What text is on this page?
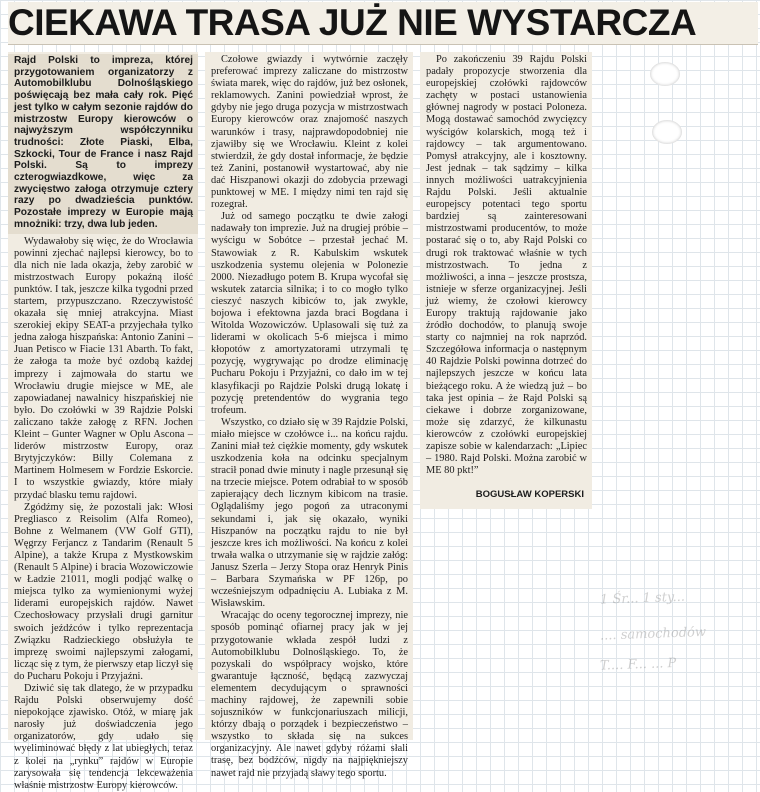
CIEKAWA TRASA JUŻ NIE WYSTARCZA
Rajd Polski to impreza, której przygotowaniem organizatorzy z Automobilklubu Dolnośląskiego poświęcają bez mała cały rok. Pięć jest tylko w całym sezonie rajdów do mistrzostw Europy kierowców o najwyższym współczynniku trudności: Złote Piaski, Elba, Szkocki, Tour de France i nasz Rajd Polski. Są to imprezy czterogwiazdkowe, więc za zwycięstwo załoga otrzymuje cztery razy po dwadzieścia punktów. Pozostałe imprezy w Europie mają mnożniki: trzy, dwa lub jeden.

Wydawałoby się więc, że do Wrocławia powinni zjechać najlepsi kierowcy, bo to dla nich nie lada okazja, żeby zarobić w mistrzostwach Europy pokaźną ilość punktów. I tak, jeszcze kilka tygodni przed startem, przypuszczano. Rzeczywistość okazała się mniej atrakcyjna. Miast szerokiej ekipy SEAT-a przyjechała tylko jedna załoga hiszpańska: Antonio Zanini – Juan Petisco w Fiacie 131 Abarth. To fakt, że załoga ta może być ozdobą każdej imprezy i zajmowała do startu we Wrocławiu drugie miejsce w ME, ale zapowiadanej nawalnicy hiszpańskiej nie było. Do czołówki w 39 Rajdzie Polski zaliczano także załogę z RFN. Jochen Kleint – Gunter Wagner w Oplu Ascona – liderów mistrzostw Europy, oraz Brytyjczyków: Billy Colemana z Martinem Holmesem w Fordzie Eskorcie. I to wszystkie gwiazdy, które miały przydać blasku temu rajdowi.

Zgódźmy się, że pozostali jak: Włosi Pregliasco z Reisolim (Alfa Romeo), Bohne z Welmanem (VW Golf GTI), Węgrzy Ferjancz z Tandarim (Renault 5 Alpine), a także Krupa z Mystkowskim (Renault 5 Alpine) i bracia Wozowiczowie w Ładzie 21011, mogli podjąć walkę o miejsca tylko za wymienionymi wyżej liderami europejskich rajdów. Nawet Czechosłowacy przysłali drugi garnitur swoich jeźdźców i tylko reprezentacja Związku Radzieckiego obsłużyła te imprezę swoimi najlepszymi załogami, licząc się z tym, że pierwszy etap liczył się do Pucharu Pokoju i Przyjaźni.

Dziwić się tak dlatego, że w przypadku Rajdu Polski obserwujemy dość niepokojące zjawisko. Otóż, w miarę jak narosły już doświadczenia jego organizatorów, gdy udało się wyeliminować błędy z lat ubiegłych, teraz z kolei na „rynku” rajdów w Europie zarysowała się tendencja lekceważenia właśnie mistrzostw Europy kierowców.

Czołowe gwiazdy i wytwórnie zaczęły preferować imprezy zaliczane do mistrzostw świata marek, więc do rajdów, już bez osłonek, reklamowych. Zanini powiedział wprost, że gdyby nie jego druga pozycja w mistrzostwach Europy kierowców oraz znajomość naszych warunków i trasy, najprawdopodobniej nie zjawiłby się we Wrocławiu. Kleint z kolei stwierdził, że gdy dostał informacje, że będzie też Zanini, postanowił wystartować, aby nie dać Hiszpanowi okazji do zdobycia przewagi punktowej w ME. I między nimi ten rajd się rozegrał.

Już od samego początku te dwie załogi nadawały ton imprezie. Już na drugiej próbie – wyścigu w Sobótce – przestał jechać M. Stawowiak z R. Kabulskim wskutek uszkodzenia systemu olejenia w Polonezie 2000. Niezadługo potem B. Krupa wycofał się wskutek zatarcia silnika; i to co mogło tylko cieszyć naszych kibiców to, jak zwykle, bojowa i efektowna jazda braci Bogdana i Witolda Wozowiczów. Uplasowali się tuż za liderami w okolicach 5-6 miejsca i mimo kłopotów z amortyzatorami utrzymali tę pozycję, wygrywając po drodze eliminację Pucharu Pokoju i Przyjaźni, co dało im w tej klasyfikacji po Rajdzie Polski drugą lokatę i pozycję pretendentów do wygrania tego trofeum.

Wszystko, co działo się w 39 Rajdzie Polski, miało miejsce w czołówce i... na końcu rajdu. Zanini miał też ciężkie momenty, gdy wskutek uszkodzenia koła na odcinku specjalnym stracił ponad dwie minuty i nagle przesunął się na trzecie miejsce. Potem odrabiał to w sposób zapierający dech licznym kibicom na trasie. Oglądaliśmy jego pogoń za utraconymi sekundami i, jak się okazało, wyniki Hiszpanów na początku rajdu to nie był jeszcze kres ich możliwości. Na końcu z kolei trwała walka o utrzymanie się w rajdzie załóg: Janusz Szerla – Jerzy Stopa oraz Henryk Pinis – Barbara Szymańska w PF 126p, po wcześniejszym odpadnięciu A. Lubiaka z M. Wisławskim.

Wracając do oceny tegorocznej imprezy, nie sposób pominąć ofiarnej pracy jak w jej przygotowanie wkłada zespół ludzi z Automobilklubu Dolnośląskiego. To, że pozyskali do współpracy wojsko, które gwarantuje łączność, będącą zazwyczaj elementem decydującym o sprawności machiny rajdowej, że zapewnili sobie sojuszników w funkcjonariuszach milicji, którzy dbają o porządek i bezpieczeństwo – wszystko to składa się na sukces organizacyjny. Ale nawet gdyby różami słali trasę, bez bodźców, nigdy na najpiękniejszy nawet rajd nie przyjadą sławy tego sportu.

Po zakończeniu 39 Rajdu Polski padały propozycje stworzenia dla europejskiej czołówki rajdowców zachęty w postaci ustanowienia głównej nagrody w postaci Poloneza. Mogą dostawać samochód zwycięzcy wyścigów kolarskich, mogą też i rajdowcy – tak argumentowano. Pomysł atrakcyjny, ale i kosztowny. Jest jednak – tak sądzimy – kilka innych możliwości uatrakcyjnienia Rajdu Polski. Jeśli aktualnie europejscy potentaci tego sportu bardziej są zainteresowani mistrzostwami producentów, to może postarać się o to, aby Rajd Polski co drugi rok traktować właśnie w tych mistrzostwach. To jedna z możliwości, a inna – jeszcze prostsza, istnieje w sferze organizacyjnej. Jeśli już wiemy, że czołowi kierowcy Europy traktują rajdowanie jako źródło dochodów, to planują swoje starty co najmniej na rok naprzód. Szczegółowa informacja o następnym 40 Rajdzie Polski powinna dotrzeć do najlepszych jeszcze w końcu lata bieżącego roku. A że wiedzą już – bo taka jest opinia – że Rajd Polski są ciekawe i dobrze zorganizowane, może się zdarzyć, że kilkunastu kierowców z czołówki europejskiej zapisze sobie w kalendarzach: „Lipiec – 1980. Rajd Polski. Można zarobić w ME 80 pkt!”

BOGUSŁAW KOPERSKI
1 Śr... 1 sty...
.... samochodów
T.... F... ... P
